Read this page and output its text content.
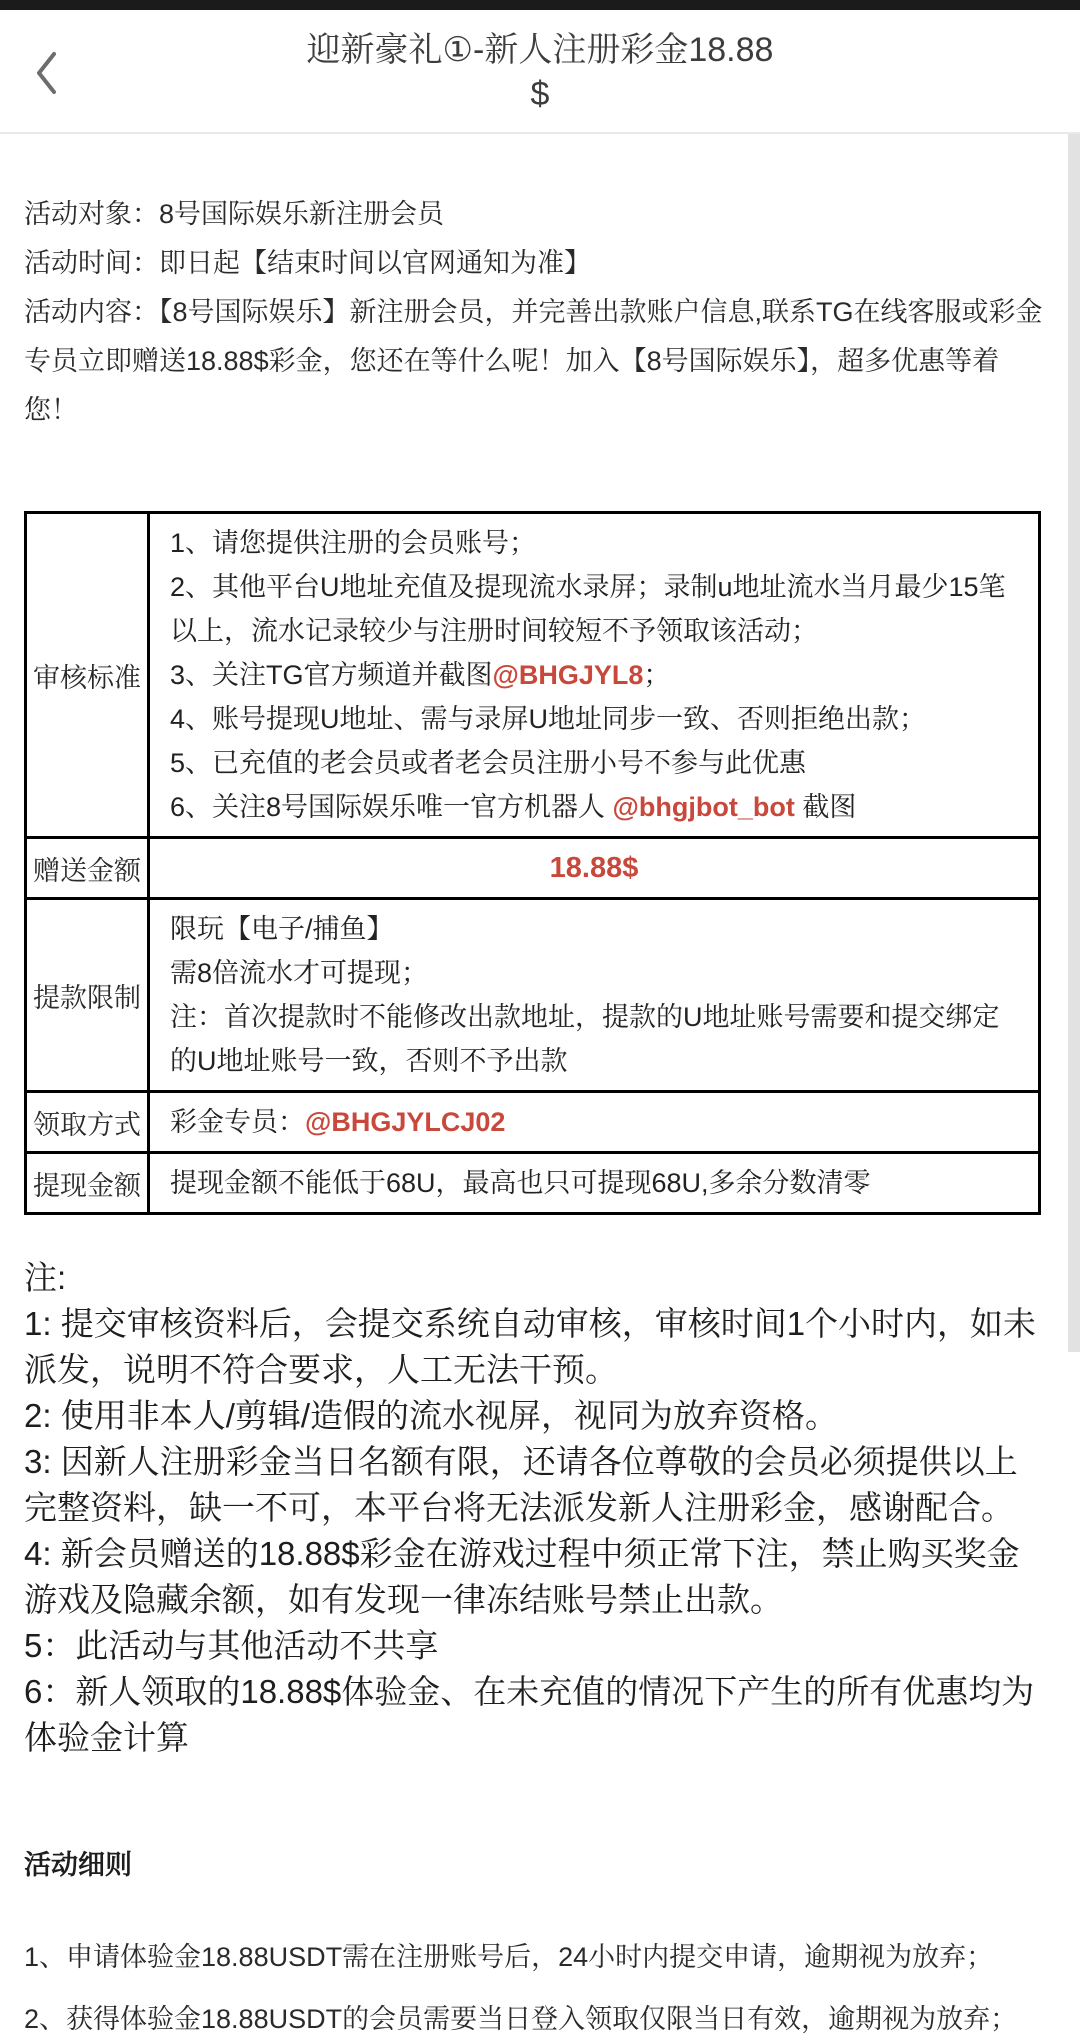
迎新豪礼①-新人注册彩金18.88
$

活动对象：8号国际娱乐新注册会员

活动时间：即日起【结束时间以官网通知为准】

活动内容：【8号国际娱乐】新注册会员，并完善出款账户信息,联系TG在线客服或彩金专员立即赠送18.88$彩金，您还在等什么呢！加入【8号国际娱乐】，超多优惠等着您！

审核标准	
1、请您提供注册的会员账号；
2、其他平台U地址充值及提现流水录屏；录制u地址流水当月最少15笔以上，流水记录较少与注册时间较短不予领取该活动；
3、关注TG官方频道并截图@BHGJYL8；
4、账号提现U地址、需与录屏U地址同步一致、否则拒绝出款；
5、已充值的老会员或者老会员注册小号不参与此优惠
6、关注8号国际娱乐唯一官方机器人 @bhgjbot_bot 截图

赠送金额	18.88$

提款限制	限玩【电子/捕鱼】
需8倍流水才可提现；
注：首次提款时不能修改出款地址，提款的U地址账号需要和提交绑定的U地址账号一致，否则不予出款

领取方式	彩金专员：@BHGJYLCJ02

提现金额	提现金额不能低于68U，最高也只可提现68U,多余分数清零
注:
1: 提交审核资料后，会提交系统自动审核，审核时间1个小时内，如未派发，说明不符合要求，人工无法干预。
2: 使用非本人/剪辑/造假的流水视屏，视同为放弃资格。
3: 因新人注册彩金当日名额有限，还请各位尊敬的会员必须提供以上完整资料，缺一不可，本平台将无法派发新人注册彩金，感谢配合。
4: 新会员赠送的18.88$彩金在游戏过程中须正常下注，禁止购买奖金游戏及隐藏余额，如有发现一律冻结账号禁止出款。
5：此活动与其他活动不共享
6：新人领取的18.88$体验金、在未充值的情况下产生的所有优惠均为体验金计算
活动细则
1、申请体验金18.88USDT需在注册账号后，24小时内提交申请，逾期视为放弃；
2、获得体验金18.88USDT的会员需要当日登入领取仅限当日有效，逾期视为放弃；
